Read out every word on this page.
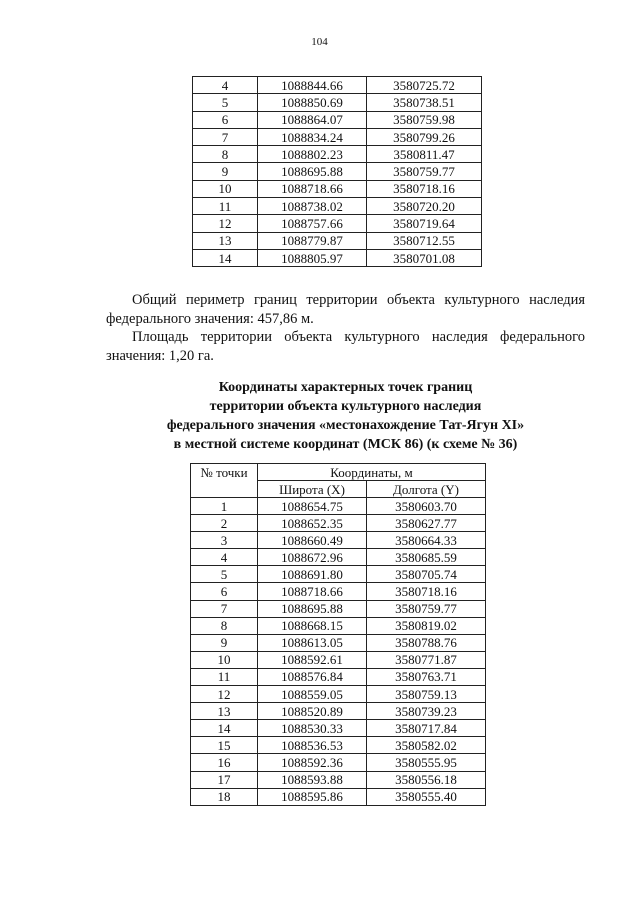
104
4	1088844.66	3580725.72
5	1088850.69	3580738.51
6	1088864.07	3580759.98
7	1088834.24	3580799.26
8	1088802.23	3580811.47
9	1088695.88	3580759.77
10	1088718.66	3580718.16
11	1088738.02	3580720.20
12	1088757.66	3580719.64
13	1088779.87	3580712.55
14	1088805.97	3580701.08
Общий периметр границ территории объекта культурного наследия федерального значения: 457,86 м.
Площадь территории объекта культурного наследия федерального значения: 1,20 га.
Координаты характерных точек границ
территории объекта культурного наследия
федерального значения «местонахождение Тат-Ягун XI»
в местной системе координат (МСК 86) (к схеме № 36)
№ точки	Координаты, м	
	Широта (X)	Долгота (Y)
1	1088654.75	3580603.70
2	1088652.35	3580627.77
3	1088660.49	3580664.33
4	1088672.96	3580685.59
5	1088691.80	3580705.74
6	1088718.66	3580718.16
7	1088695.88	3580759.77
8	1088668.15	3580819.02
9	1088613.05	3580788.76
10	1088592.61	3580771.87
11	1088576.84	3580763.71
12	1088559.05	3580759.13
13	1088520.89	3580739.23
14	1088530.33	3580717.84
15	1088536.53	3580582.02
16	1088592.36	3580555.95
17	1088593.88	3580556.18
18	1088595.86	3580555.40
